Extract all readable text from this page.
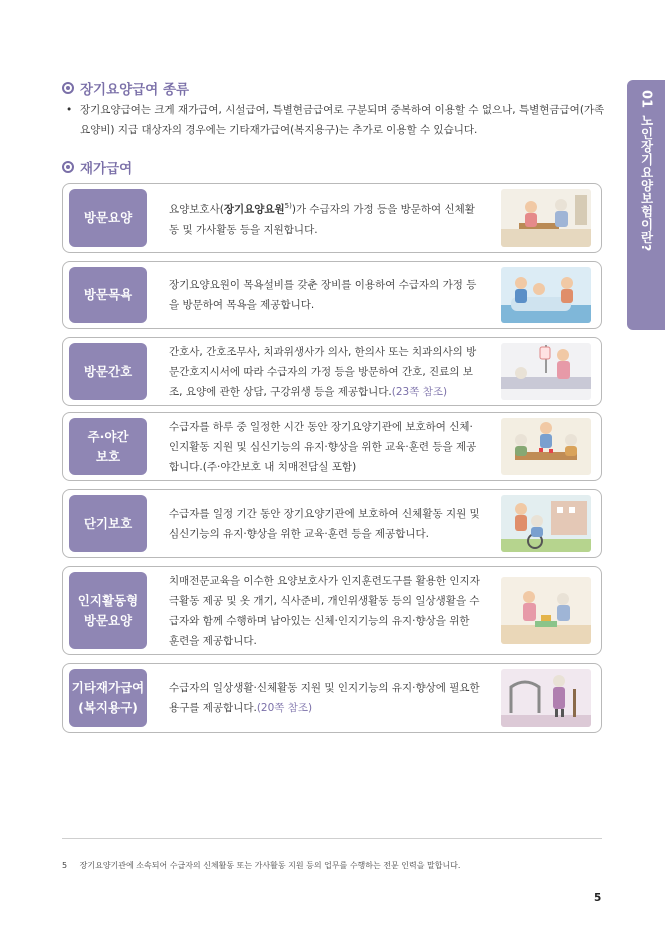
01
노인장기요양보험이란?
장기요양급여 종류
• 장기요양급여는 크게 재가급여, 시설급여, 특별현금급여로 구분되며 중복하여 이용할 수 없으나, 특별현금급여(가족요양비) 지급 대상자의 경우에는 기타재가급여(복지용구)는 추가로 이용할 수 있습니다.
재가급여
방문요양
요양보호사(장기요양요원$^{5)}$)가 수급자의 가정 등을 방문하여 신체활동 및 가사활동 등을 지원합니다.
방문목욕
장기요양요원이 목욕설비를 갖춘 장비를 이용하여 수급자의 가정 등을 방문하여 목욕을 제공합니다.
방문간호
간호사, 간호조무사, 치과위생사가 의사, 한의사 또는 치과의사의 방문간호지시서에 따라 수급자의 가정 등을 방문하여 간호, 진료의 보조, 요양에 관한 상담, 구강위생 등을 제공합니다.(23쪽 참조)
주·야간
보호
수급자를 하루 중 일정한 시간 동안 장기요양기관에 보호하여 신체·인지활동 지원 및 심신기능의 유지·향상을 위한 교육·훈련 등을 제공합니다.(주·야간보호 내 치매전담실 포함)
단기보호
수급자를 일정 기간 동안 장기요양기관에 보호하여 신체활동 지원 및 심신기능의 유지·향상을 위한 교육·훈련 등을 제공합니다.
인지활동형
방문요양
치매전문교육을 이수한 요양보호사가 인지훈련도구를 활용한 인지자극활동 제공 및 옷 개기, 식사준비, 개인위생활동 등의 일상생활을 수급자와 함께 수행하며 남아있는 신체·인지기능의 유지·향상을 위한 훈련을 제공합니다.
기타재가급여
(복지용구)
수급자의 일상생활·신체활동 지원 및 인지기능의 유지·향상에 필요한 용구를 제공합니다.(20쪽 참조)
5 장기요양기관에 소속되어 수급자의 신체활동 또는 가사활동 지원 등의 업무를 수행하는 전문 인력을 말합니다.
5
